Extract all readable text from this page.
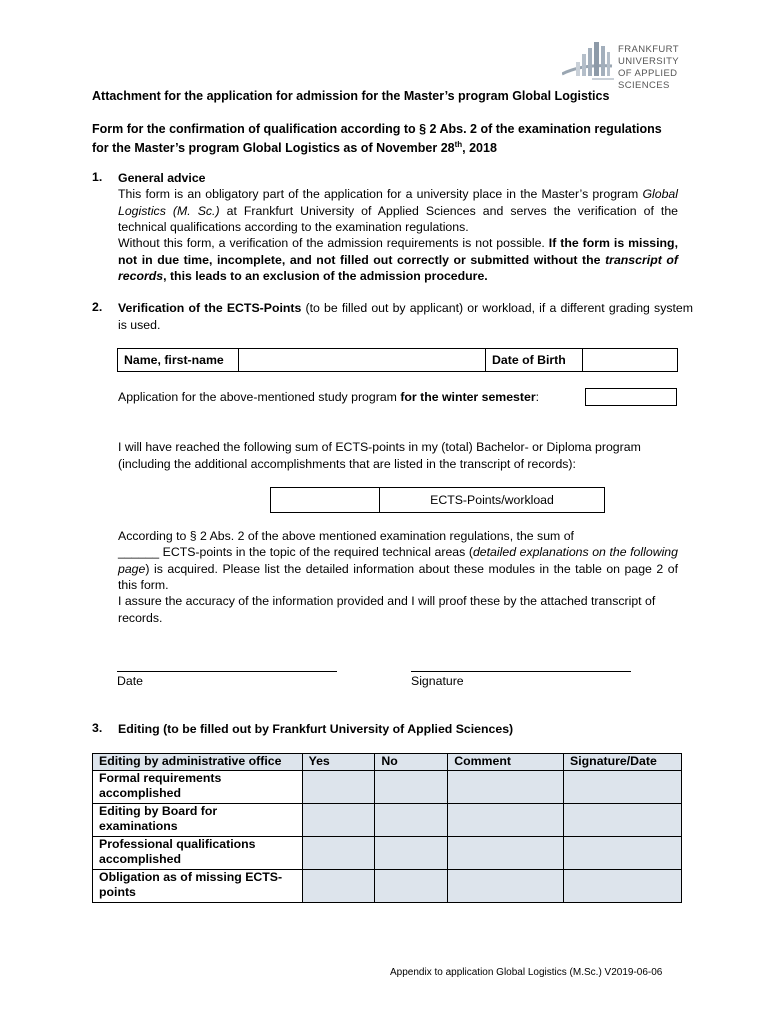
FRANKFURT
UNIVERSITY
OF APPLIED SCIENCES
Attachment for the application for admission for the Master’s program Global Logistics
Form for the confirmation of qualification according to § 2 Abs. 2 of the examination regulations
for the Master’s program Global Logistics as of November 28th, 2018
1. General advice
This form is an obligatory part of the application for a university place in the Master’s program Global Logistics (M. Sc.) at Frankfurt University of Applied Sciences and serves the verification of the technical qualifications according to the examination regulations.
Without this form, a verification of the admission requirements is not possible. If the form is missing, not in due time, incomplete, and not filled out correctly or submitted without the transcript of records, this leads to an exclusion of the admission procedure.
2. Verification of the ECTS-Points (to be filled out by applicant) or workload, if a different grading system is used.
Name, first-name	Date of Birth
Application for the above-mentioned study program for the winter semester:
I will have reached the following sum of ECTS-points in my (total) Bachelor- or Diploma program (including the additional accomplishments that are listed in the transcript of records):
ECTS-Points/workload
According to § 2 Abs. 2 of the above mentioned examination regulations, the sum of
______ ECTS-points in the topic of the required technical areas (detailed explanations on the following page) is acquired. Please list the detailed information about these modules in the table on page 2 of this form.
I assure the accuracy of the information provided and I will proof these by the attached transcript of records.
Date	Signature
3. Editing (to be filled out by Frankfurt University of Applied Sciences)
Editing by administrative office	Yes	No	Comment	Signature/Date
Formal requirements accomplished				
Editing by Board for examinations				
Professional qualifications accomplished				
Obligation as of missing ECTS-points				
Appendix to application Global Logistics (M.Sc.) V2019-06-06
